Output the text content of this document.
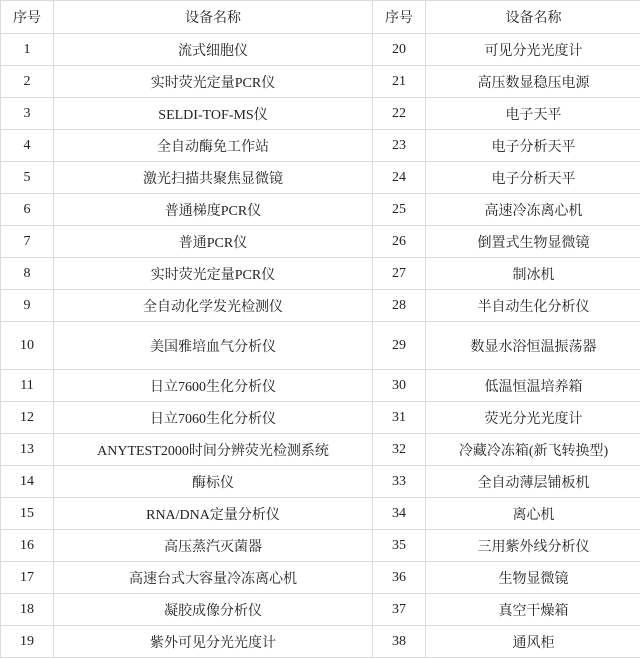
序号	设备名称	序号	设备名称
1	流式细胞仪	20	可见分光光度计
2	实时荧光定量PCR仪	21	高压数显稳压电源
3	SELDI-TOF-MS仪	22	电子天平
4	全自动酶免工作站	23	电子分析天平
5	激光扫描共聚焦显微镜	24	电子分析天平
6	普通梯度PCR仪	25	高速冷冻离心机
7	普通PCR仪	26	倒置式生物显微镜
8	实时荧光定量PCR仪	27	制冰机
9	全自动化学发光检测仪	28	半自动生化分析仪
10	美国雅培血气分析仪	29	数显水浴恒温振荡器
11	日立7600生化分析仪	30	低温恒温培养箱
12	日立7060生化分析仪	31	荧光分光光度计
13	ANYTEST2000时间分辨荧光检测系统	32	冷藏冷冻箱(新飞转换型)
14	酶标仪	33	全自动薄层铺板机
15	RNA/DNA定量分析仪	34	离心机
16	高压蒸汽灭菌器	35	三用紫外线分析仪
17	高速台式大容量冷冻离心机	36	生物显微镜
18	凝胶成像分析仪	37	真空干燥箱
19	紫外可见分光光度计	38	通风柜
